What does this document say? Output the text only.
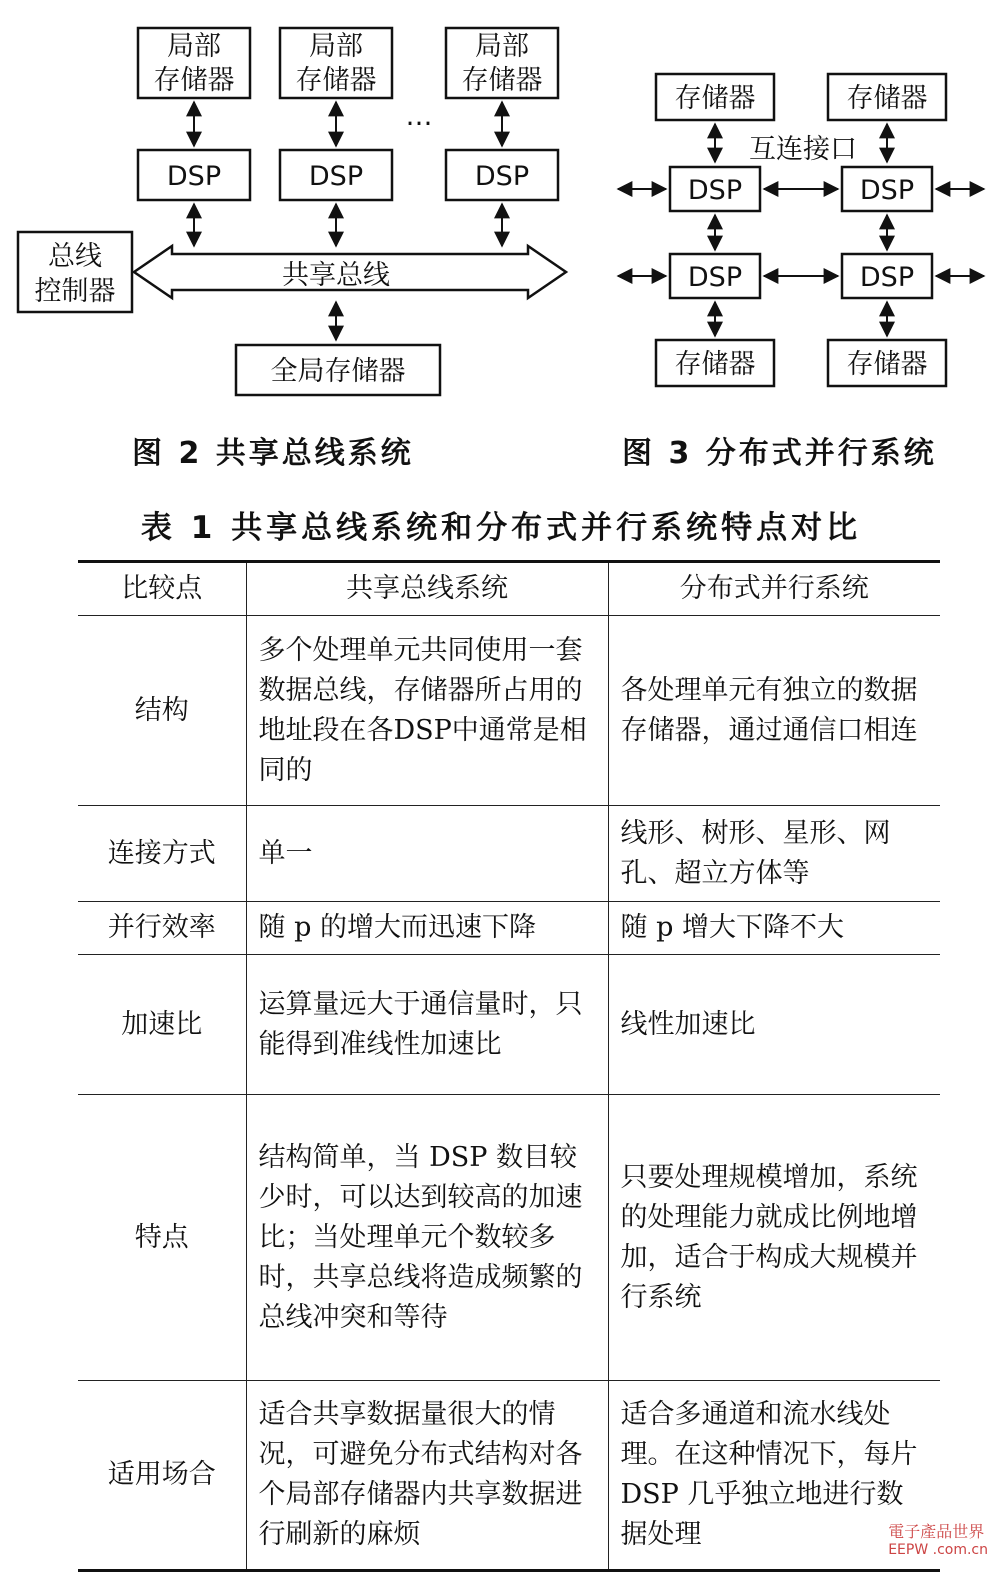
局部
存储器
局部
存储器
局部
存储器
…
DSP	DSP	DSP
总线
控制器
共享总线
全局存储器
存储器	存储器
互连接口
DSP	DSP
DSP	DSP
存储器	存储器
图 2 共享总线系统	图 3 分布式并行系统
表 1 共享总线系统和分布式并行系统特点对比
比较点	共享总线系统	分布式并行系统
结构	多个处理单元共同使用一套数据总线，存储器所占用的地址段在各DSP中通常是相同的	各处理单元有独立的数据存储器，通过通信口相连
连接方式	单一	线形、树形、星形、网孔、超立方体等
并行效率	随 p 的增大而迅速下降	随 p 增大下降不大
加速比	运算量远大于通信量时，只能得到准线性加速比	线性加速比
特点	结构简单，当 DSP 数目较少时，可以达到较高的加速比；当处理单元个数较多时，共享总线将造成频繁的总线冲突和等待	只要处理规模增加，系统的处理能力就成比例地增加，适合于构成大规模并行系统
适用场合	适合共享数据量很大的情况，可避免分布式结构对各个局部存储器内共享数据进行刷新的麻烦	适合多通道和流水线处理。在这种情况下，每片 DSP 几乎独立地进行数据处理	電子產品世界
EEPW .com.cn
